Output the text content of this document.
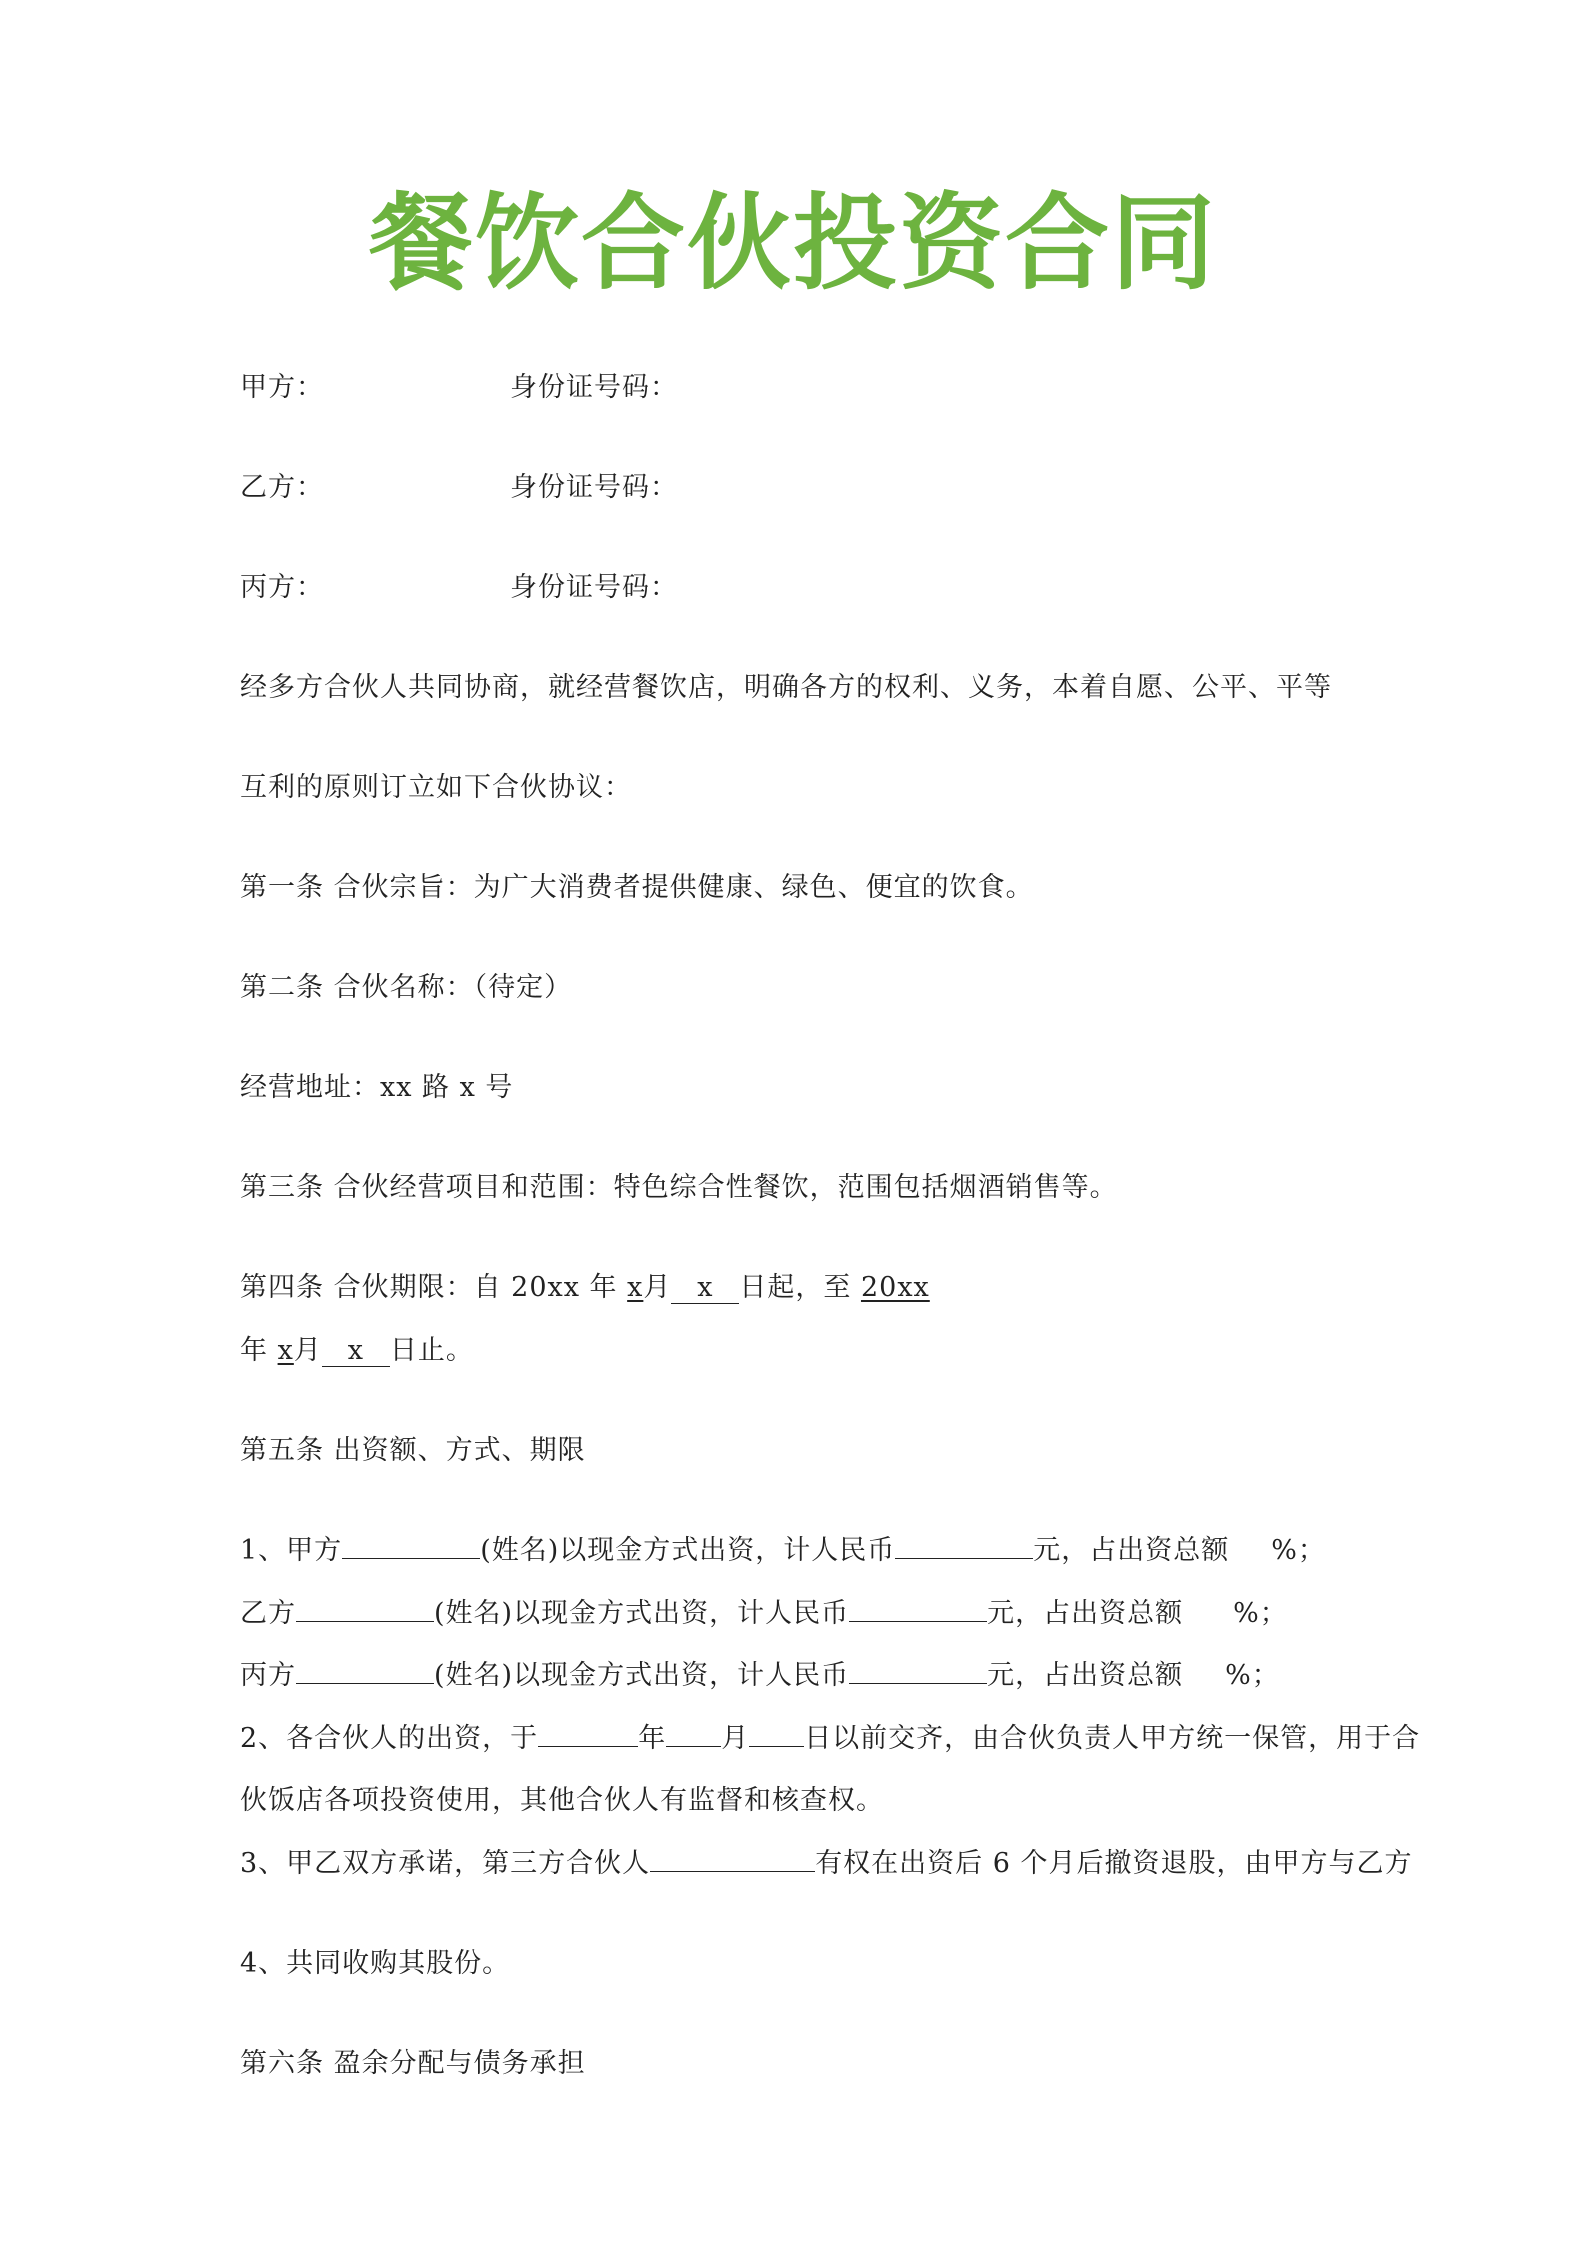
餐饮合伙投资合同
甲方：	身份证号码：
乙方：	身份证号码：
丙方：	身份证号码：
经多方合伙人共同协商，就经营餐饮店，明确各方的权利、义务，本着自愿、公平、平等
互利的原则订立如下合伙协议：
第一条 合伙宗旨：为广大消费者提供健康、绿色、便宜的饮食。
第二条 合伙名称：（待定）
经营地址：xx 路 x 号
第三条 合伙经营项目和范围：特色综合性餐饮，范围包括烟酒销售等。
第四条 合伙期限：自 20xx 年 x月 x 日起，至 20xx
年 x月 x 日止。
第五条 出资额、方式、期限
1、甲方	(姓名)以现金方式出资，计人民币	元，占出资总额 %；
乙方	(姓名)以现金方式出资，计人民币	元，占出资总额 %；
丙方	(姓名)以现金方式出资，计人民币	元，占出资总额 %；
2、各合伙人的出资，于	年 月 日以前交齐，由合伙负责人甲方统一保管，用于合
伙饭店各项投资使用，其他合伙人有监督和核查权。
3、甲乙双方承诺，第三方合伙人	有权在出资后 6 个月后撤资退股，由甲方与乙方
4、共同收购其股份。
第六条 盈余分配与债务承担
